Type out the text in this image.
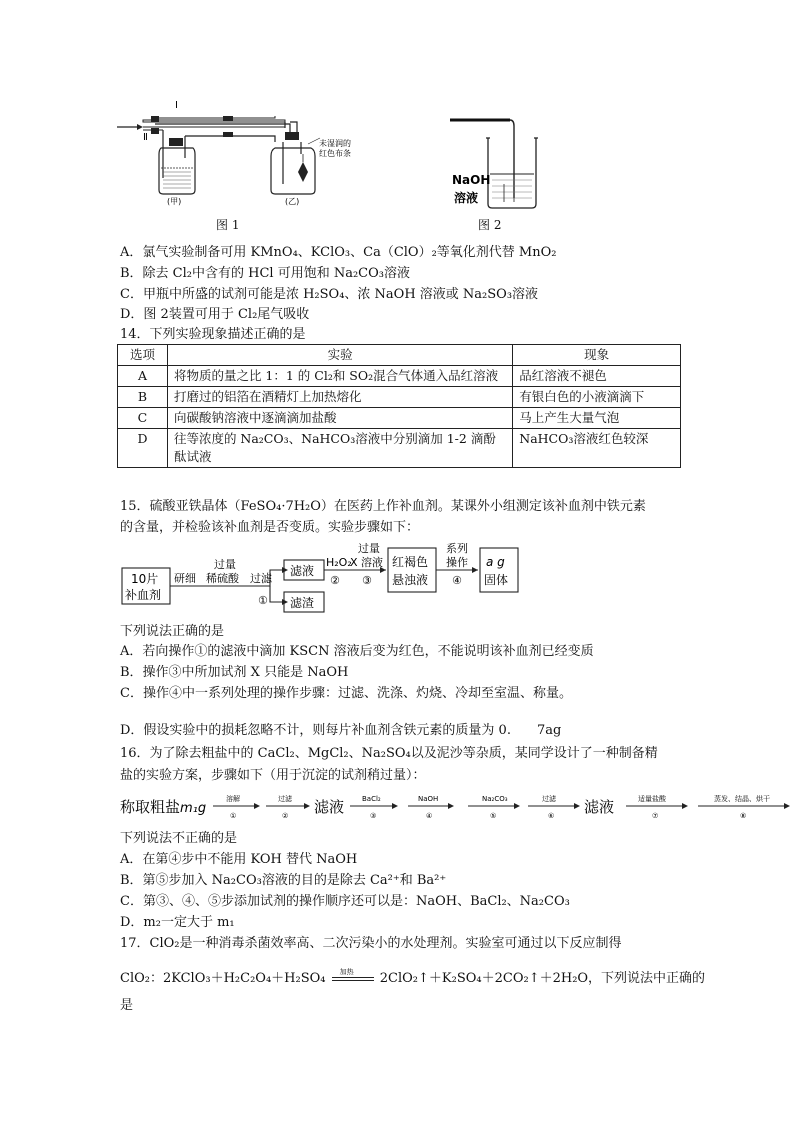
未湿润的
红色布条
Ⅰ
Ⅱ
(甲)	(乙)
图 1
NaOH
溶液
图 2
A．氯气实验制备可用 KMnO₄、KClO₃、Ca（ClO）₂等氧化剂代替 MnO₂
B．除去 Cl₂中含有的 HCl 可用饱和 Na₂CO₃溶液
C．甲瓶中所盛的试剂可能是浓 H₂SO₄、浓 NaOH 溶液或 Na₂SO₃溶液
D．图 2装置可用于 Cl₂尾气吸收
14．下列实验现象描述正确的是
选项	实验	现象
A	将物质的量之比 1：1 的 Cl₂和 SO₂混合气体通入品红溶液	品红溶液不褪色
B	打磨过的铝箔在酒精灯上加热熔化	有银白色的小液滴滴下
C	向碳酸钠溶液中逐滴滴加盐酸	马上产生大量气泡
D	往等浓度的 Na₂CO₃、NaHCO₃溶液中分别滴加 1-2 滴酚酞试液	NaHCO₃溶液红色较深
15．硫酸亚铁晶体（FeSO₄·7H₂O）在医药上作补血剂。某课外小组测定该补血剂中铁元素
的含量，并检验该补血剂是否变质。实验步骤如下：
10片
补血剂
研细
过量
稀硫酸 过滤
①
滤液
滤渣
H₂O₂
②
过量
X 溶液
③
红褐色
悬浊液
系列
操作
④
a g
固体
下列说法正确的是
A．若向操作①的滤液中滴加 KSCN 溶液后变为红色，不能说明该补血剂已经变质
B．操作③中所加试剂 X 只能是 NaOH
C．操作④中一系列处理的操作步骤：过滤、洗涤、灼烧、冷却至室温、称量。
D．假设实验中的损耗忽略不计，则每片补血剂含铁元素的质量为 0.　　7ag
16．为了除去粗盐中的 CaCl₂、MgCl₂、Na₂SO₄以及泥沙等杂质，某同学设计了一种制备精
盐的实验方案，步骤如下（用于沉淀的试剂稍过量）：
称取粗盐 m₁g
溶解
①
过滤
② 滤液	BaCl₂
③
NaOH
④
Na₂CO₃
⑤
过滤
⑥ 滤液	适量盐酸
⑦
蒸发、结晶、烘干
⑧
下列说法不正确的是
A．在第④步中不能用 KOH 替代 NaOH
B．第⑤步加入 Na₂CO₃溶液的目的是除去 Ca²⁺和 Ba²⁺
C．第③、④、⑤步添加试剂的操作顺序还可以是：NaOH、BaCl₂、Na₂CO₃
D．m₂一定大于 m₁
17．ClO₂是一种消毒杀菌效率高、二次污染小的水处理剂。实验室可通过以下反应制得
ClO₂：2KClO₃＋H₂C₂O₄＋H₂SO₄ 加热 2ClO₂↑＋K₂SO₄＋2CO₂↑＋2H₂O，下列说法中正确的
是
